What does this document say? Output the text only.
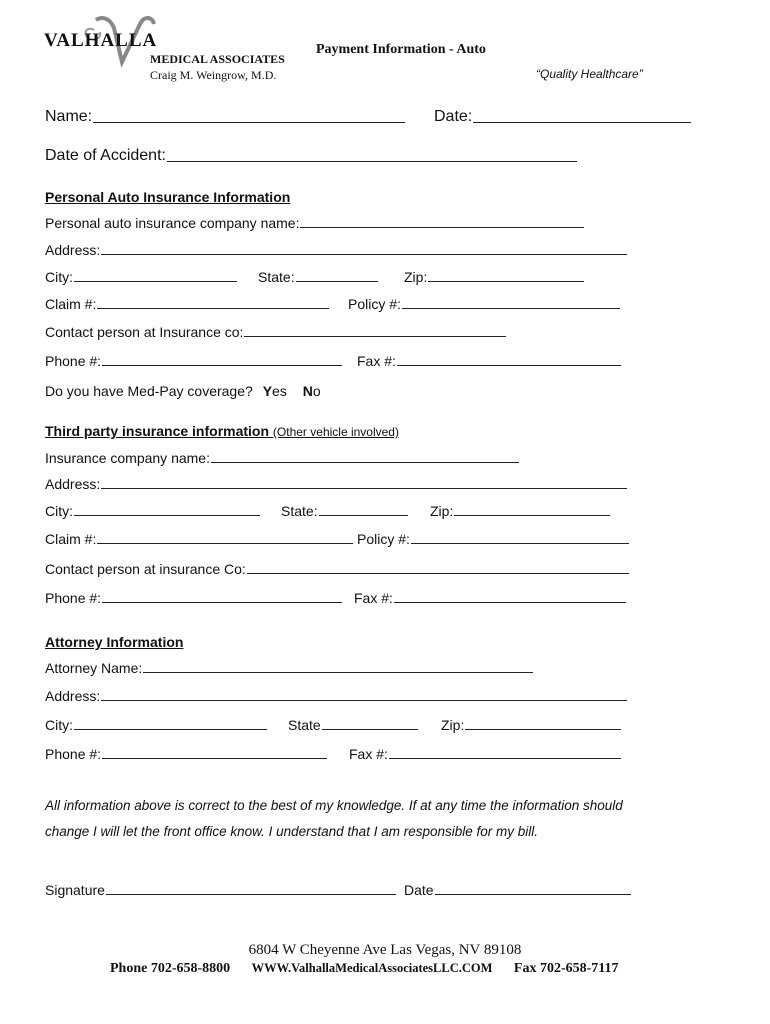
VALHALLA
MEDICAL ASSOCIATES
Craig M. Weingrow, M.D.
Payment Information - Auto
“Quality Healthcare”
Name:	Date:
Date of Accident:
Personal Auto Insurance Information
Personal auto insurance company name:
Address:
City:	State:	Zip:
Claim #:	Policy #:
Contact person at Insurance co:
Phone #:	Fax #:
Do you have Med-Pay coverage? Yes No
Third party insurance information (Other vehicle involved)
Insurance company name:
Address:
City:	State:	Zip:
Claim #:	Policy #:
Contact person at insurance Co:
Phone #:	Fax #:
Attorney Information
Attorney Name:
Address:
City:	State	Zip:
Phone #:	Fax #:
All information above is correct to the best of my knowledge. If at any time the information should
change I will let the front office know. I understand that I am responsible for my bill.
Signature	Date
6804 W Cheyenne Ave Las Vegas, NV 89108
Phone 702-658-8800 WWW.ValhallaMedicalAssociatesLLC.COM Fax 702-658-7117
